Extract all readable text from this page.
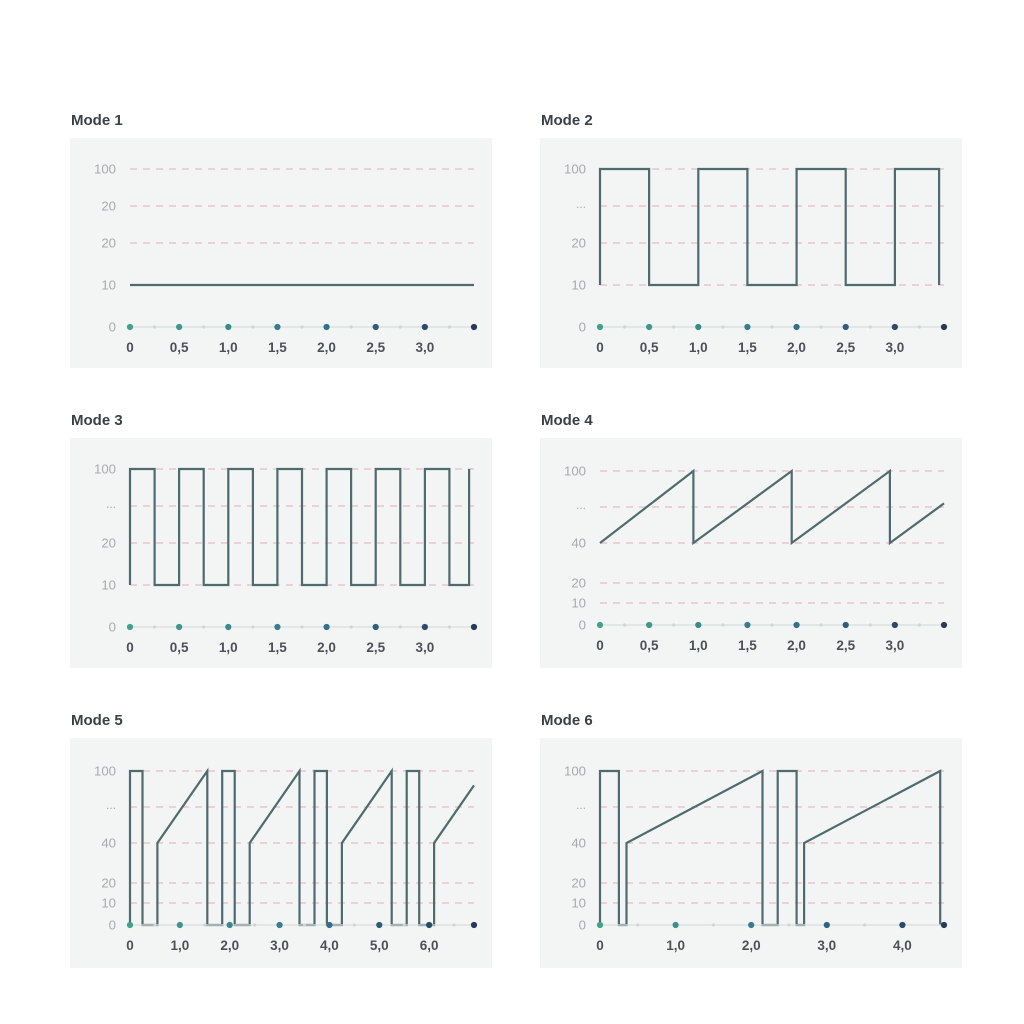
Mode 1
100
20
20
10
0
0	0,5 1,0 1,5 2,0 2,5 3,0
Mode 2
100
...
20
10
0
0	0,5 1,0 1,5 2,0 2,5 3,0
Mode 3
100
...
20
10
0
0	0,5 1,0 1,5 2,0 2,5 3,0
Mode 4
100
...
40
20
10
0
0	0,5 1,0 1,5 2,0 2,5 3,0
Mode 5
100
...
40
20
10
0
0	1,0 2,0 3,0 4,0 5,0 6,0
Mode 6
100
...
40
20
10
0
0	1,0	2,0	3,0	4,0
